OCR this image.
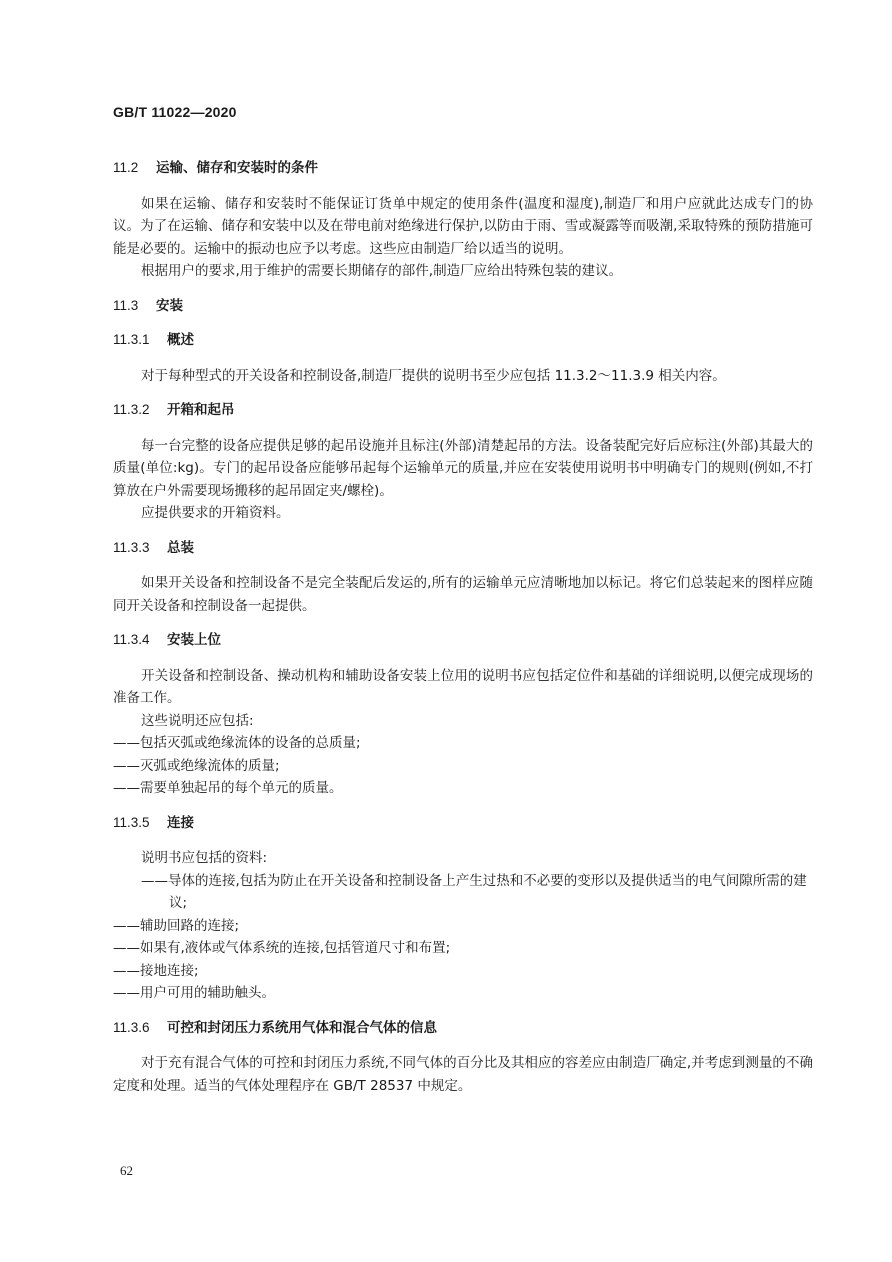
GB/T 11022—2020

11.2 运输、储存和安装时的条件

如果在运输、储存和安装时不能保证订货单中规定的使用条件(温度和湿度),制造厂和用户应就此达成专门的协议。为了在运输、储存和安装中以及在带电前对绝缘进行保护,以防由于雨、雪或凝露等而吸潮,采取特殊的预防措施可能是必要的。运输中的振动也应予以考虑。这些应由制造厂给以适当的说明。

根据用户的要求,用于维护的需要长期储存的部件,制造厂应给出特殊包装的建议。

11.3 安装

11.3.1 概述

对于每种型式的开关设备和控制设备,制造厂提供的说明书至少应包括 11.3.2～11.3.9 相关内容。

11.3.2 开箱和起吊

每一台完整的设备应提供足够的起吊设施并且标注(外部)清楚起吊的方法。设备装配完好后应标注(外部)其最大的质量(单位:kg)。专门的起吊设备应能够吊起每个运输单元的质量,并应在安装使用说明书中明确专门的规则(例如,不打算放在户外需要现场搬移的起吊固定夹/螺栓)。

应提供要求的开箱资料。

11.3.3 总装

如果开关设备和控制设备不是完全装配后发运的,所有的运输单元应清晰地加以标记。将它们总装起来的图样应随同开关设备和控制设备一起提供。

11.3.4 安装上位

开关设备和控制设备、操动机构和辅助设备安装上位用的说明书应包括定位件和基础的详细说明,以便完成现场的准备工作。

这些说明还应包括:

——包括灭弧或绝缘流体的设备的总质量;

——灭弧或绝缘流体的质量;

——需要单独起吊的每个单元的质量。

11.3.5 连接

说明书应包括的资料:

——导体的连接,包括为防止在开关设备和控制设备上产生过热和不必要的变形以及提供适当的电气间隙所需的建议;

——辅助回路的连接;

——如果有,液体或气体系统的连接,包括管道尺寸和布置;

——接地连接;

——用户可用的辅助触头。

11.3.6 可控和封闭压力系统用气体和混合气体的信息

对于充有混合气体的可控和封闭压力系统,不同气体的百分比及其相应的容差应由制造厂确定,并考虑到测量的不确定度和处理。适当的气体处理程序在 GB/T 28537 中规定。

62
